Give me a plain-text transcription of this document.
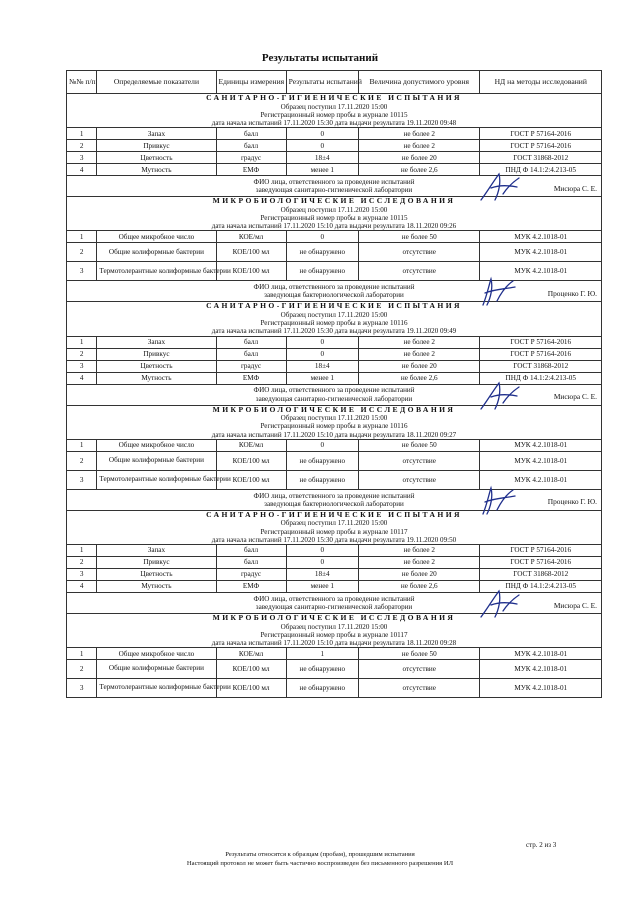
Результаты испытаний
№№ п/п	Определяемые показатели	Единицы измерения	Результаты испытаний	Величина допустимого уровня	НД на методы исследований

САНИТАРНО-ГИГИЕНИЧЕСКИЕ ИСПЫТАНИЯ
Образец поступил 17.11.2020 15:00
Регистрационный номер пробы в журнале 10115
дата начала испытаний 17.11.2020 15:30 дата выдачи результата 19.11.2020 09:48					

1	Запах	балл	0	не более 2	ГОСТ Р 57164-2016
2	Привкус	балл	0	не более 2	ГОСТ Р 57164-2016
3	Цветность	градус	18±4	не более 20	ГОСТ 31868-2012
4	Мутность	ЕМФ	менее 1	не более 2,6	ПНД Ф 14.1:2:4.213-05

ФИО лица, ответственного за проведение испытаний
заведующая санитарно-гигиенической лаборатории Мисюра С. Е.					

МИКРОБИОЛОГИЧЕСКИЕ ИССЛЕДОВАНИЯ
Образец поступил 17.11.2020 15:00
Регистрационный номер пробы в журнале 10115
дата начала испытаний 17.11.2020 15:10 дата выдачи результата 18.11.2020 09:26					

1	Общее микробное число	КОЕ/мл	0	не более 50	МУК 4.2.1018-01
2	Общие колиформные бактерии	КОЕ/100 мл	не обнаружено	отсутствие	МУК 4.2.1018-01
3	Термотолерантные колиформные бактерии	КОЕ/100 мл	не обнаружено	отсутствие	МУК 4.2.1018-01

ФИО лица, ответственного за проведение испытаний
заведующая бактериологической лаборатории Проценко Г. Ю.					

САНИТАРНО-ГИГИЕНИЧЕСКИЕ ИСПЫТАНИЯ
Образец поступил 17.11.2020 15:00
Регистрационный номер пробы в журнале 10116
дата начала испытаний 17.11.2020 15:30 дата выдачи результата 19.11.2020 09:49					

1	Запах	балл	0	не более 2	ГОСТ Р 57164-2016
2	Привкус	балл	0	не более 2	ГОСТ Р 57164-2016
3	Цветность	градус	18±4	не более 20	ГОСТ 31868-2012
4	Мутность	ЕМФ	менее 1	не более 2,6	ПНД Ф 14.1:2:4.213-05

ФИО лица, ответственного за проведение испытаний
заведующая санитарно-гигиенической лаборатории Мисюра С. Е.					

МИКРОБИОЛОГИЧЕСКИЕ ИССЛЕДОВАНИЯ
Образец поступил 17.11.2020 15:00
Регистрационный номер пробы в журнале 10116
дата начала испытаний 17.11.2020 15:10 дата выдачи результата 18.11.2020 09:27					

1	Общее микробное число	КОЕ/мл	0	не более 50	МУК 4.2.1018-01
2	Общие колиформные бактерии	КОЕ/100 мл	не обнаружено	отсутствие	МУК 4.2.1018-01
3	Термотолерантные колиформные бактерии	КОЕ/100 мл	не обнаружено	отсутствие	МУК 4.2.1018-01

ФИО лица, ответственного за проведение испытаний
заведующая бактериологической лаборатории Проценко Г. Ю.					

САНИТАРНО-ГИГИЕНИЧЕСКИЕ ИСПЫТАНИЯ
Образец поступил 17.11.2020 15:00
Регистрационный номер пробы в журнале 10117
дата начала испытаний 17.11.2020 15:30 дата выдачи результата 19.11.2020 09:50					

1	Запах	балл	0	не более 2	ГОСТ Р 57164-2016
2	Привкус	балл	0	не более 2	ГОСТ Р 57164-2016
3	Цветность	градус	18±4	не более 20	ГОСТ 31868-2012
4	Мутность	ЕМФ	менее 1	не более 2,6	ПНД Ф 14.1:2:4.213-05

ФИО лица, ответственного за проведение испытаний
заведующая санитарно-гигиенической лаборатории Мисюра С. Е.					

МИКРОБИОЛОГИЧЕСКИЕ ИССЛЕДОВАНИЯ
Образец поступил 17.11.2020 15:00
Регистрационный номер пробы в журнале 10117
дата начала испытаний 17.11.2020 15:10 дата выдачи результата 18.11.2020 09:28					

1	Общее микробное число	КОЕ/мл	1	не более 50	МУК 4.2.1018-01
2	Общие колиформные бактерии	КОЕ/100 мл	не обнаружено	отсутствие	МУК 4.2.1018-01
3	Термотолерантные колиформные бактерии	КОЕ/100 мл	не обнаружено	отсутствие	МУК 4.2.1018-01
стр. 2 из 3
Результаты относятся к образцам (пробам), прошедшим испытания
Настоящий протокол не может быть частично воспроизведен без письменного разрешения ИЛ
